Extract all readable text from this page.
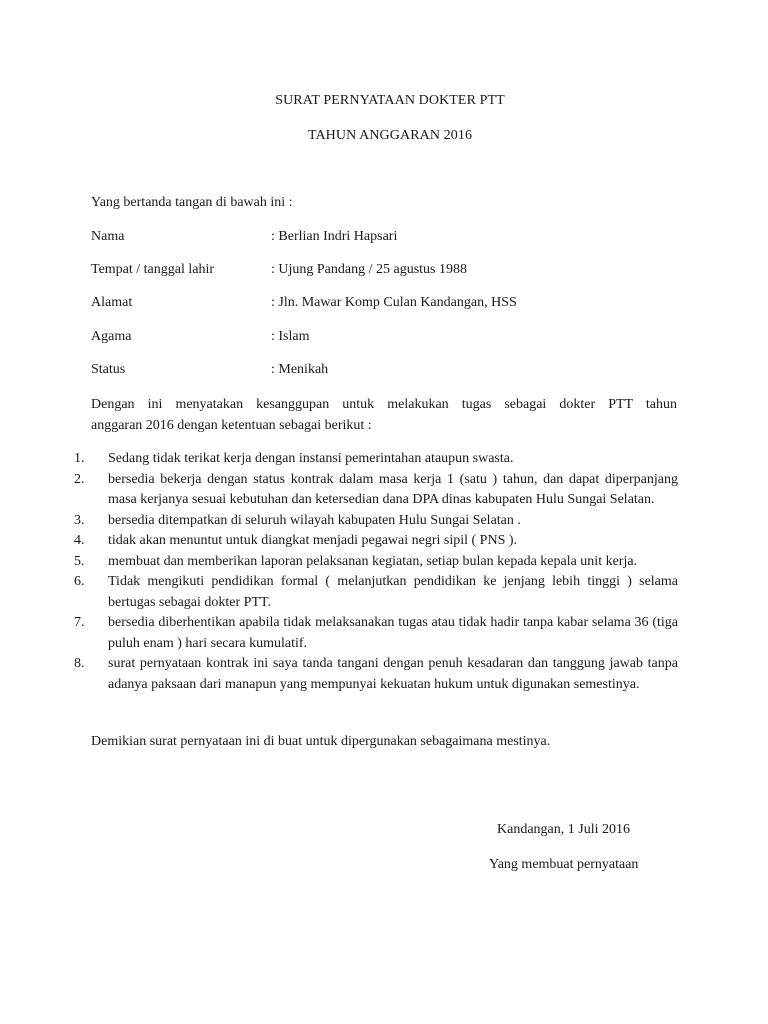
SURAT PERNYATAAN DOKTER PTT
TAHUN ANGGARAN 2016
Yang bertanda tangan di bawah ini :
Nama	: Berlian Indri Hapsari
Tempat / tanggal lahir	: Ujung Pandang / 25 agustus 1988
Alamat	: Jln. Mawar Komp Culan Kandangan, HSS
Agama	: Islam
Status	: Menikah
Dengan ini menyatakan kesanggupan untuk melakukan tugas sebagai dokter PTT tahun
anggaran 2016 dengan ketentuan sebagai berikut :
1. Sedang tidak terikat kerja dengan instansi pemerintahan ataupun swasta.
2. bersedia bekerja dengan status kontrak dalam masa kerja 1 (satu ) tahun, dan dapat diperpanjang masa kerjanya sesuai kebutuhan dan ketersedian dana DPA dinas kabupaten Hulu Sungai Selatan.
3. bersedia ditempatkan di seluruh wilayah kabupaten Hulu Sungai Selatan .
4. tidak akan menuntut untuk diangkat menjadi pegawai negri sipil ( PNS ).
5. membuat dan memberikan laporan pelaksanan kegiatan, setiap bulan kepada kepala unit kerja.
6. Tidak mengikuti pendidikan formal ( melanjutkan pendidikan ke jenjang lebih tinggi ) selama bertugas sebagai dokter PTT.
7. bersedia diberhentikan apabila tidak melaksanakan tugas atau tidak hadir tanpa kabar selama 36 (tiga puluh enam ) hari secara kumulatif.
8. surat pernyataan kontrak ini saya tanda tangani dengan penuh kesadaran dan tanggung jawab tanpa adanya paksaan dari manapun yang mempunyai kekuatan hukum untuk digunakan semestinya.
Demikian surat pernyataan ini di buat untuk dipergunakan sebagaimana mestinya.
Kandangan, 1 Juli 2016
Yang membuat pernyataan
